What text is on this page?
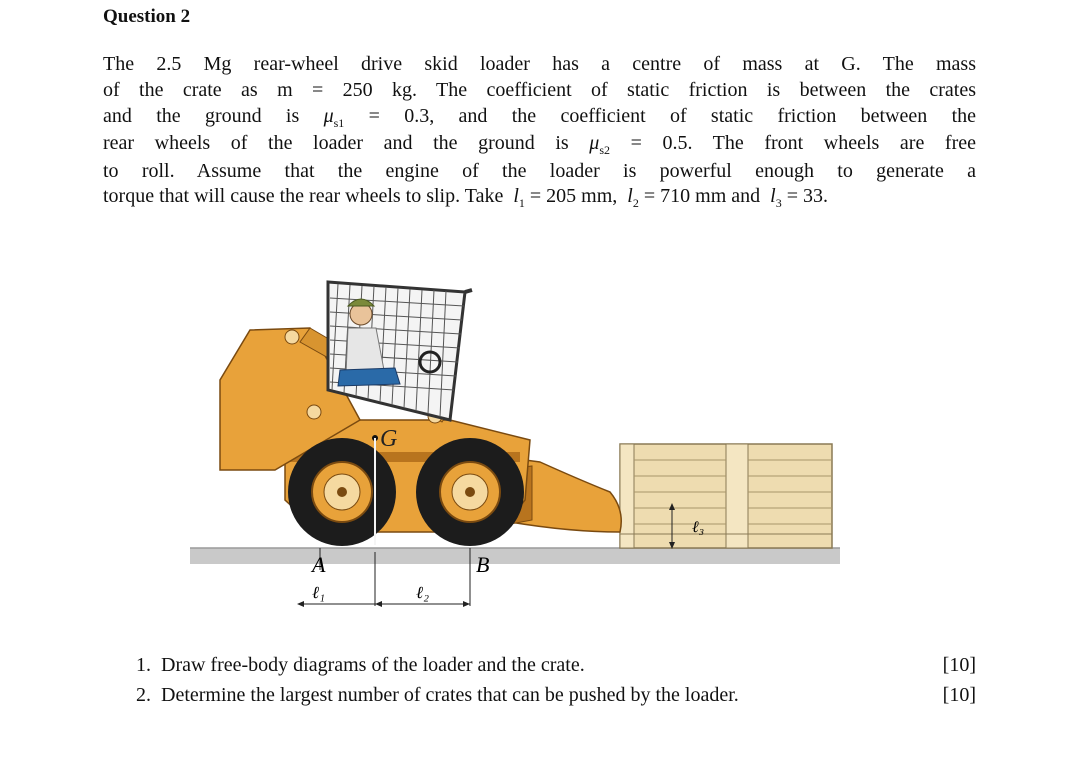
Question 2
The 2.5 Mg rear-wheel drive skid loader has a centre of mass at G. The mass
of the crate as m = 250 kg. The coefficient of static friction is between the crates
and the ground is $\mu_{s1} = 0.3$, and the coefficient of static friction between the
rear wheels of the loader and the ground is $\mu_{s2} = 0.5$. The front wheels are free
to roll. Assume that the engine of the loader is powerful enough to generate a
torque that will cause the rear wheels to slip. Take $l_1 = 205$ mm, $l_2 = 710$ mm and $l_3 = 33$.
ℓ₃
G
A	B
ℓ₁	ℓ₂
1. Draw free-body diagrams of the loader and the crate.	[10]
2. Determine the largest number of crates that can be pushed by the loader.	[10]
